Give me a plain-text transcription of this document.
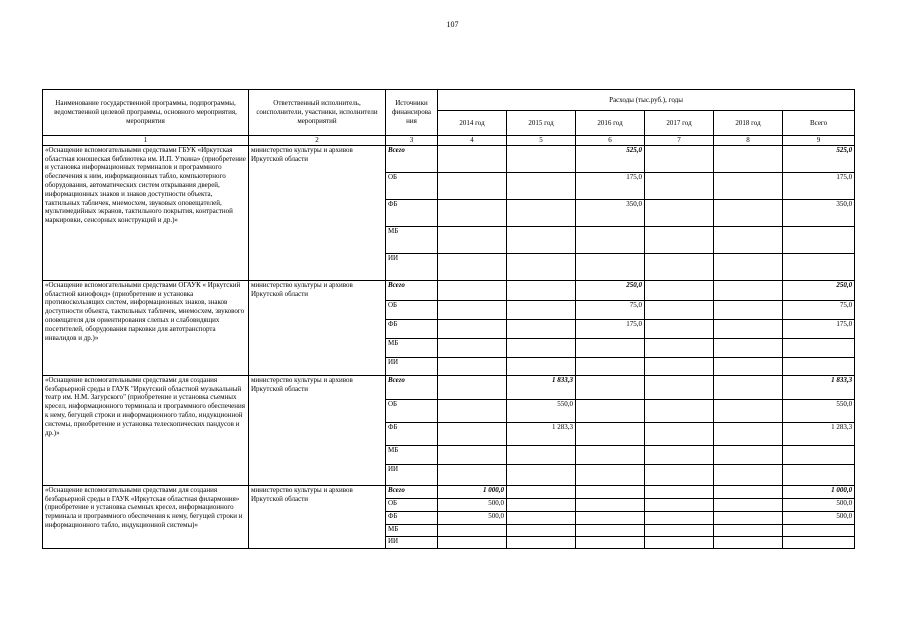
107
Наименование государственной программы, подпрограммы, ведомственной целевой программы, основного мероприятия, мероприятия	Ответственный исполнитель, соисполнители, участники, исполнители мероприятий	Источники финансирова ния	Расходы (тыс.руб.), годы					
			2014 год	2015 год	2016 год	2017 год	2018 год	Всего
1	2	3	4	5	6	7	8	9
«Оснащение вспомогательными средствами ГБУК «Иркутская областная юношеская библиотека им. И.П. Уткина» (приобретение и установка информационных терминалов и программного обеспечения к ним, информационных табло, компьютерного оборудования, автоматических систем открывания дверей, информационных знаков и знаков доступности объекта, тактильных табличек, мнемосхем, звуковых оповещателей, мультимедийных экранов, тактильного покрытия, контрастной маркировки, сенсорных конструкций и др.)»	министерство культуры и архивов Иркутской области	Всего			525,0			525,0
		ОБ			175,0			175,0
		ФБ			350,0			350,0
		МБ						
		ИИ						
«Оснащение вспомогательными средствами ОГАУК « Иркутский областной кинофонд» (приобретение и установка противоскользящих систем, информационных знаков, знаков доступности объекта, тактильных табличек, мнемосхем, звукового оповещателя для ориентирования слепых и слабовидящих посетителей, оборудования парковки для автотранспорта инвалидов и др.)»	министерство культуры и архивов Иркутской области	Всего			250,0			250,0
		ОБ			75,0			75,0
		ФБ			175,0			175,0
		МБ						
		ИИ						
«Оснащение вспомогательными средствами для создания безбарьерной среды в ГАУК "Иркутский областной музыкальный театр им. Н.М. Загурского" (приобретение и установка съемных кресел, информационного терминала и программного обеспечения к нему, бегущей строки и информационного табло, индукционной системы, приобретение и установка телескопических пандусов и др.)»	министерство культуры и архивов Иркутской области	Всего		1 833,3				1 833,3
		ОБ		550,0				550,0
		ФБ		1 283,3				1 283,3
		МБ						
		ИИ						
«Оснащение вспомогательными средствами для создания безбарьерной среды в ГАУК «Иркутская областная филармония» (приобретение и установка съемных кресел, информационного терминала и программного обеспечения к нему, бегущей строки и информационного табло, индукционной системы)»	министерство культуры и архивов Иркутской области	Всего	1 000,0					1 000,0
		ОБ	500,0					500,0
		ФБ	500,0					500,0
		МБ						
		ИИ						
